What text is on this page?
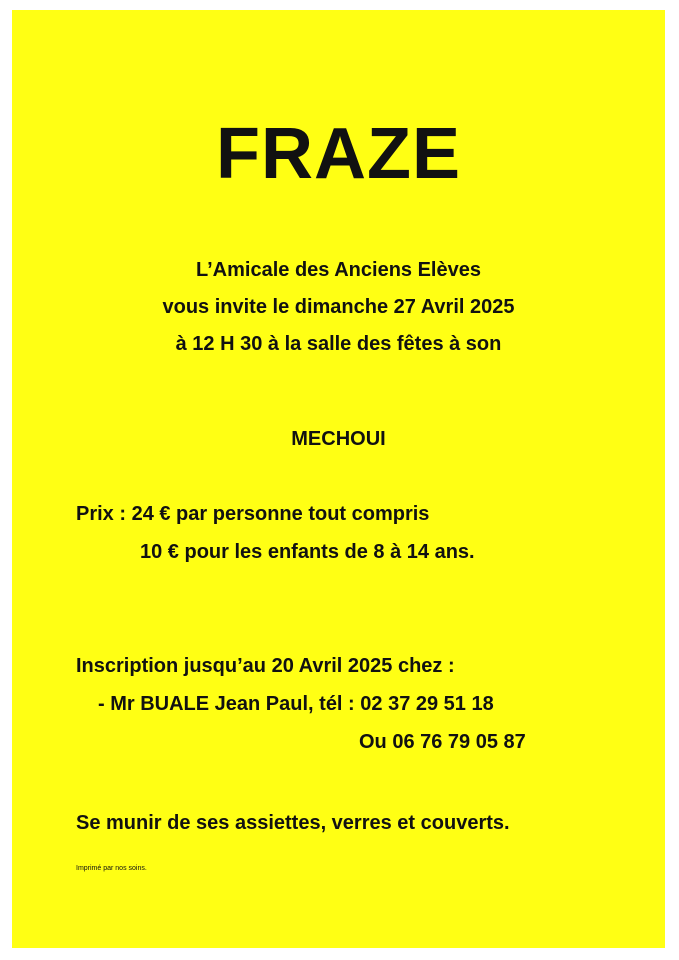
FRAZE

L’Amicale des Anciens Elèves

vous invite le dimanche 27 Avril 2025

à 12 H 30 à la salle des fêtes à son

MECHOUI

Prix : 24 € par personne tout compris

10 € pour les enfants de 8 à 14 ans.

Inscription jusqu’au 20 Avril 2025 chez :

- Mr BUALE Jean Paul, tél : 02 37 29 51 18

Ou 06 76 79 05 87

Se munir de ses assiettes, verres et couverts.

Imprimé par nos soins.
